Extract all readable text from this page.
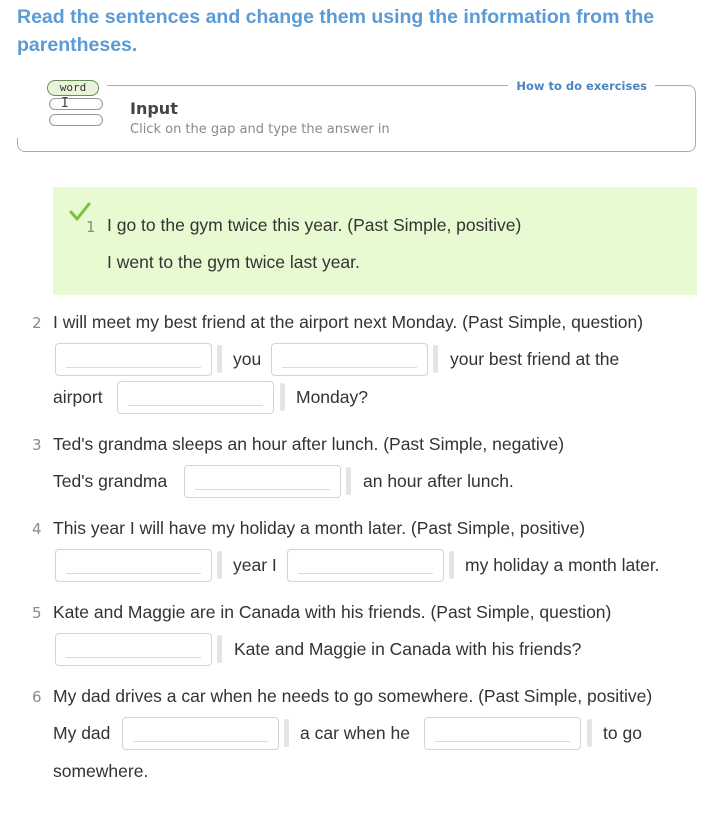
Read the sentences and change them using the information from the parentheses.
How to do exercises
word
I	Input
Click on the gap and type the answer in
1 I go to the gym twice this year. (Past Simple, positive)
I went to the gym twice last year.
2 I will meet my best friend at the airport next Monday. (Past Simple, question)
you	your best friend at the
airport	Monday?
3 Ted's grandma sleeps an hour after lunch. (Past Simple, negative)
Ted's grandma	an hour after lunch.
4 This year I will have my holiday a month later. (Past Simple, positive)
year I	my holiday a month later.
5 Kate and Maggie are in Canada with his friends. (Past Simple, question)
Kate and Maggie in Canada with his friends?
6 My dad drives a car when he needs to go somewhere. (Past Simple, positive)
My dad	a car when he	to go
somewhere.
